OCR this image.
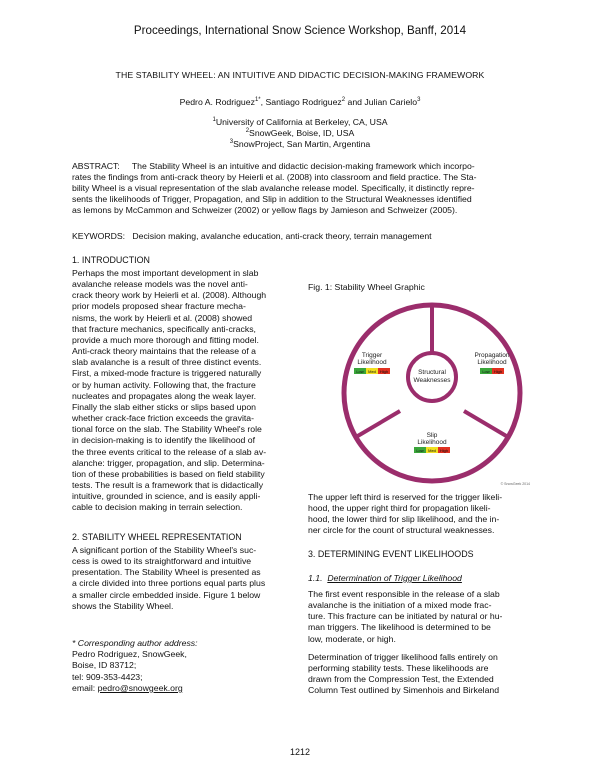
Proceedings, International Snow Science Workshop, Banff, 2014
THE STABILITY WHEEL: AN INTUITIVE AND DIDACTIC DECISION-MAKING FRAMEWORK
Pedro A. Rodriguez$^{1*}$, Santiago Rodriguez$^2$ and Julian Carielo$^3$
$^1$University of California at Berkeley, CA, USA
$^2$SnowGeek, Boise, ID, USA
$^3$SnowProject, San Martin, Argentina
ABSTRACT: The Stability Wheel is an intuitive and didactic decision-making framework which incorpo-
rates the findings from anti-crack theory by Heierli et al. (2008) into classroom and field practice. The Sta-
bility Wheel is a visual representation of the slab avalanche release model. Specifically, it distinctly repre-
sents the likelihoods of Trigger, Propagation, and Slip in addition to the Structural Weaknesses identified
as lemons by McCammon and Schweizer (2002) or yellow flags by Jamieson and Schweizer (2005).
KEYWORDS: Decision making, avalanche education, anti-crack theory, terrain management
1. INTRODUCTION
Perhaps the most important development in slab
avalanche release models was the novel anti-
crack theory work by Heierli et al. (2008). Although
prior models proposed shear fracture mecha-
nisms, the work by Heierli et al. (2008) showed
that fracture mechanics, specifically anti-cracks,
provide a much more thorough and fitting model.
Anti-crack theory maintains that the release of a
slab avalanche is a result of three distinct events.
First, a mixed-mode fracture is triggered naturally
or by human activity. Following that, the fracture
nucleates and propagates along the weak layer.
Finally the slab either sticks or slips based upon
whether crack-face friction exceeds the gravita-
tional force on the slab. The Stability Wheel's role
in decision-making is to identify the likelihood of
the three events critical to the release of a slab av-
alanche: trigger, propagation, and slip. Determina-
tion of these probabilities is based on field stability
tests. The result is a framework that is didactically
intuitive, grounded in science, and is easily appli-
cable to decision making in terrain selection.
2. STABILITY WHEEL REPRESENTATION
A significant portion of the Stability Wheel's suc-
cess is owed to its straightforward and intuitive
presentation. The Stability Wheel is presented as
a circle divided into three portions equal parts plus
a smaller circle embedded inside. Figure 1 below
shows the Stability Wheel.
* Corresponding author address:
Pedro Rodriguez, SnowGeek,
Boise, ID 83712;
tel: 909-353-4423;
email: pedro@snowgeek.org
Fig. 1: Stability Wheel Graphic
Structural
Weaknesses
Trigger
Likelihood
Low Med High
Propagation
Likelihood
Low High
Slip
Likelihood
Low Med High
© SnowGeek 2014
The upper left third is reserved for the trigger likeli-
hood, the upper right third for propagation likeli-
hood, the lower third for slip likelihood, and the in-
ner circle for the count of structural weaknesses.
3. DETERMINING EVENT LIKELIHOODS
1.1. Determination of Trigger Likelihood
The first event responsible in the release of a slab
avalanche is the initiation of a mixed mode frac-
ture. This fracture can be initiated by natural or hu-
man triggers. The likelihood is determined to be
low, moderate, or high.
Determination of trigger likelihood falls entirely on
performing stability tests. These likelihoods are
drawn from the Compression Test, the Extended
Column Test outlined by Simenhois and Birkeland
1212
